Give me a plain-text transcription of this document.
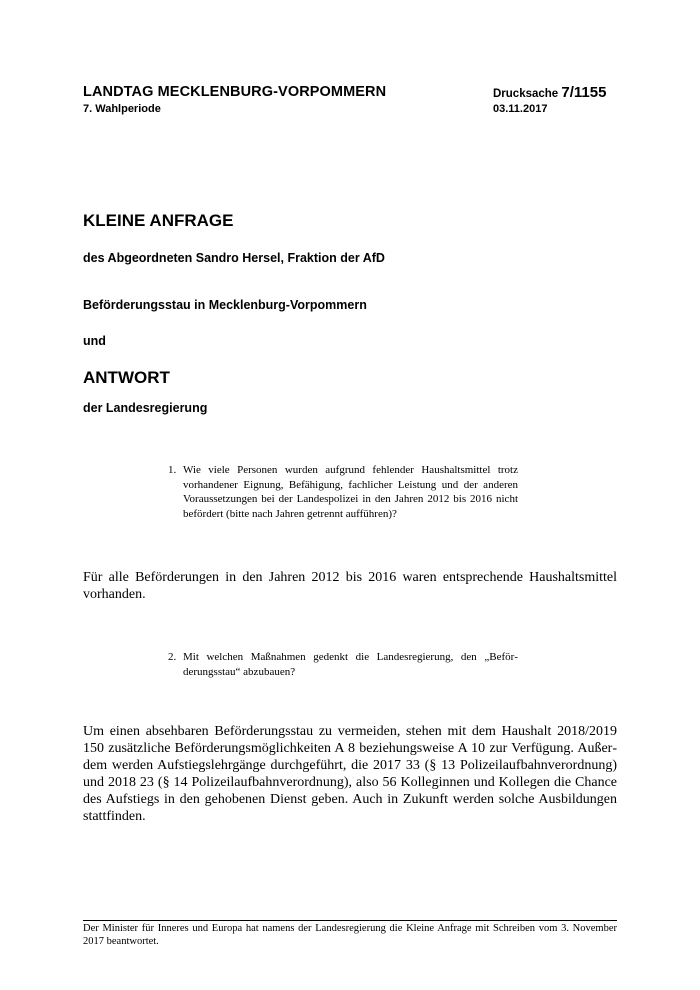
LANDTAG MECKLENBURG-VORPOMMERN
7. Wahlperiode
Drucksache 7/1155
03.11.2017
KLEINE ANFRAGE
des Abgeordneten Sandro Hersel, Fraktion der AfD
Beförderungsstau in Mecklenburg-Vorpommern
und
ANTWORT
der Landesregierung
1. Wie viele Personen wurden aufgrund fehlender Haushaltsmittel trotz vorhandener Eignung, Befähigung, fachlicher Leistung und der anderen Voraussetzungen bei der Landespolizei in den Jahren 2012 bis 2016 nicht befördert (bitte nach Jahren getrennt aufführen)?

Für alle Beförderungen in den Jahren 2012 bis 2016 waren entsprechende Haushaltsmittel vorhanden.

2. Mit welchen Maßnahmen gedenkt die Landesregierung, den „Beförderungsstau“ abzubauen?

Um einen absehbaren Beförderungsstau zu vermeiden, stehen mit dem Haushalt 2018/2019 150 zusätzliche Beförderungsmöglichkeiten A 8 beziehungsweise A 10 zur Verfügung. Außerdem werden Aufstiegslehrgänge durchgeführt, die 2017 33 (§ 13 Polizeilaufbahnverordnung) und 2018 23 (§ 14 Polizeilaufbahnverordnung), also 56 Kolleginnen und Kollegen die Chance des Aufstiegs in den gehobenen Dienst geben. Auch in Zukunft werden solche Ausbildungen stattfinden.

Der Minister für Inneres und Europa hat namens der Landesregierung die Kleine Anfrage mit Schreiben vom 3. November 2017 beantwortet.
